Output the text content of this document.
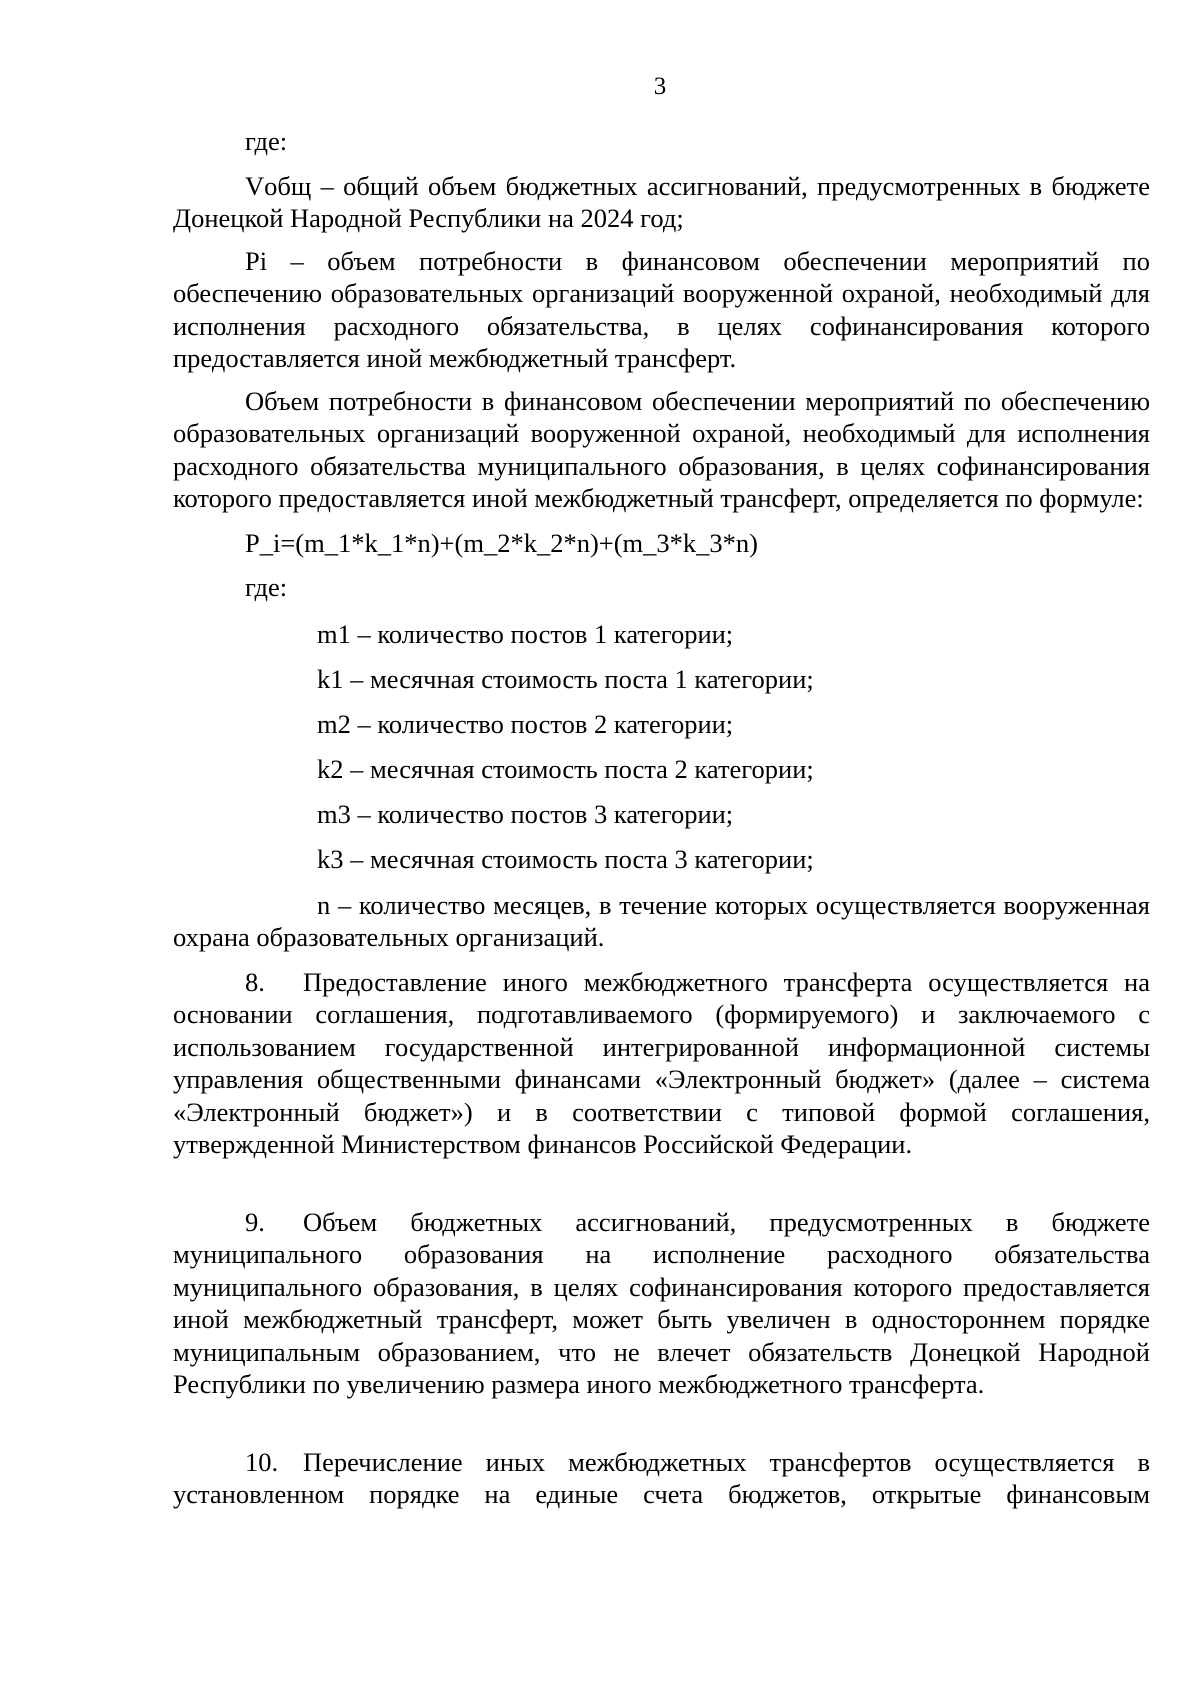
3

где:

Vобщ – общий объем бюджетных ассигнований, предусмотренных в бюджете Донецкой Народной Республики на 2024 год;

Pi – объем потребности в финансовом обеспечении мероприятий по обеспечению образовательных организаций вооруженной охраной, необходимый для исполнения расходного обязательства, в целях софинансирования которого предоставляется иной межбюджетный трансферт.

Объем потребности в финансовом обеспечении мероприятий по обеспечению образовательных организаций вооруженной охраной, необходимый для исполнения расходного обязательства муниципального образования, в целях софинансирования которого предоставляется иной межбюджетный трансферт, определяется по формуле:

P_i=(m_1*k_1*n)+(m_2*k_2*n)+(m_3*k_3*n)

где:

m1 – количество постов 1 категории;
k1 – месячная стоимость поста 1 категории;
m2 – количество постов 2 категории;
k2 – месячная стоимость поста 2 категории;
m3 – количество постов 3 категории;
k3 – месячная стоимость поста 3 категории;

n – количество месяцев, в течение которых осуществляется вооруженная охрана образовательных организаций.

8. Предоставление иного межбюджетного трансферта осуществляется на основании соглашения, подготавливаемого (формируемого) и заключаемого с использованием государственной интегрированной информационной системы управления общественными финансами «Электронный бюджет» (далее – система «Электронный бюджет») и в соответствии с типовой формой соглашения, утвержденной Министерством финансов Российской Федерации.

9. Объем бюджетных ассигнований, предусмотренных в бюджете муниципального образования на исполнение расходного обязательства муниципального образования, в целях софинансирования которого предоставляется иной межбюджетный трансферт, может быть увеличен в одностороннем порядке муниципальным образованием, что не влечет обязательств Донецкой Народной Республики по увеличению размера иного межбюджетного трансферта.

10. Перечисление иных межбюджетных трансфертов осуществляется в установленном порядке на единые счета бюджетов, открытые финансовым
